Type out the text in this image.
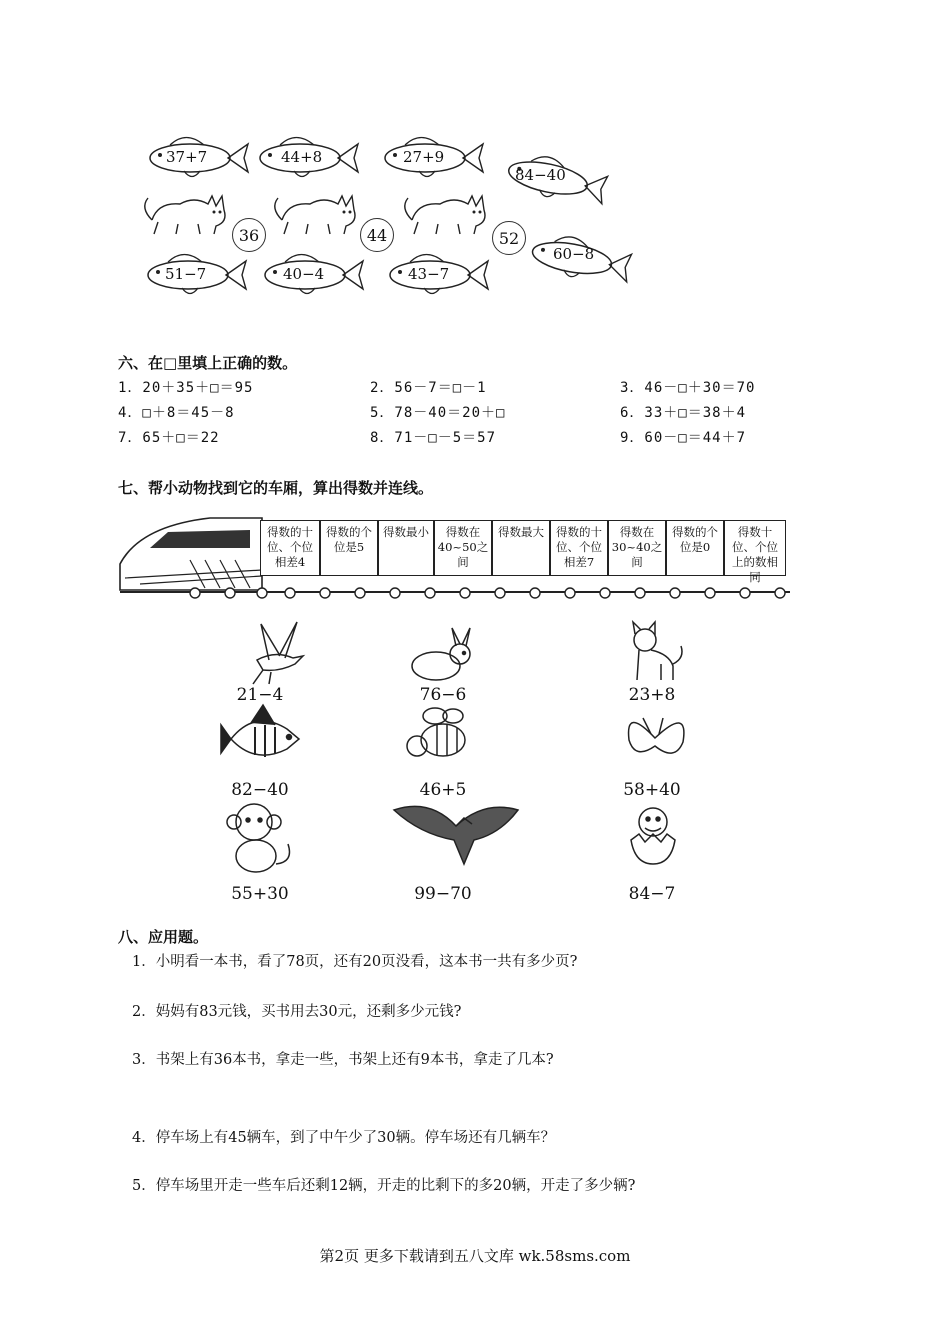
37+7	44+8	27+9
84−40
51−7	40−4	43−7
60−8
36	44	52
六、在□里填上正确的数。
1．20＋35＋□＝95	2．56－7＝□－1	3．46－□＋30＝70
4．□＋8＝45－8	5．78－40＝20＋□	6．33＋□＝38＋4
7．65＋□＝22	8．71－□－5＝57	9．60－□＝44＋7
七、帮小动物找到它的车厢，算出得数并连线。
得数的十位、个位相差4
得数的个位是5
得数最小	得数在40~50之间
得数最大	得数的十位、个位相差7
得数在30~40之间
得数的个位是0
得数十位、个位上的数相同
21−4	76−6	23+8
82−40	46+5	58+40
55+30	99−70	84−7
八、应用题。
1．小明看一本书，看了78页，还有20页没看，这本书一共有多少页?
2．妈妈有83元钱，买书用去30元，还剩多少元钱?
3．书架上有36本书，拿走一些，书架上还有9本书，拿走了几本?
4．停车场上有45辆车，到了中午少了30辆。停车场还有几辆车？
5．停车场里开走一些车后还剩12辆，开走的比剩下的多20辆，开走了多少辆?
第2页 更多下载请到五八文库 wk.58sms.com
